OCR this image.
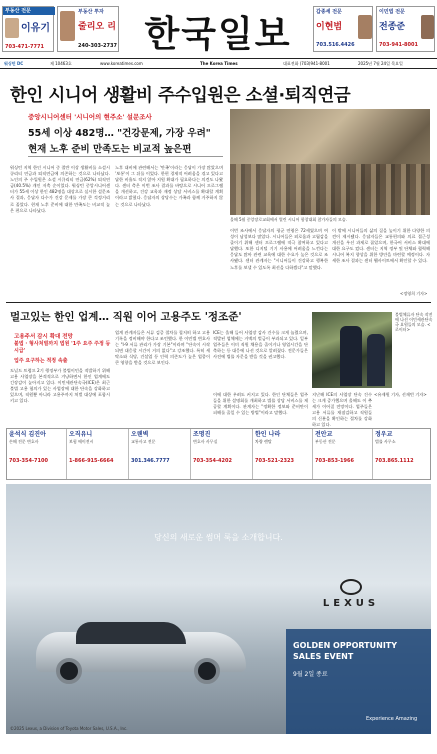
부동산 전문
이유기
703-471-7771
부동산 투자
줄리오 리
240-303-2737 한국일보
갑종세 전문
이현범
703.516.4426
이민법 전문
전종준
703-941-8001
워싱턴 DC	제 10463호	www.koreatimes.com	The Korea Times	대표전화 (703)941-8001	2025년 7월 24일 목요일
한인 시니어 생활비 주수입원은 소셜·퇴직연금
중앙시니어센터 '시니어의 현주소' 설문조사
55세 이상 482명… "건강문제, 가장 우려"
현재 노후 준비 만족도는 비교적 높은편
올해 5월 중앙장로교회에서 열린 시니어 합창대회 참가자들의 모습.

워싱턴 지역 한인 시니어 중 절반 이상 생활비를 소셜시큐리티 연금과 퇴직연금에 의존하는 것으로 나타났다. 노인의 주 수입원은 소셜 시큐리티 연금(62%) 퇴직연금(40.5%) 개인 저축 순이었다. 워싱턴 중앙시니어센터가 55세 이상 한인 482명을 대상으로 실시한 설문조사 결과, 응답자 다수가 건강 문제를 가장 큰 걱정거리로 꼽았다. 현재 노후 준비에 대한 만족도는 비교적 높은 편으로 나타났다.

노후 대비에 관련해서는 '만족'이라는 응답이 가장 많았으며 '보통'이 그 뒤를 이었다. 한편 경제적 어려움을 겪고 있다고 답한 비율도 적지 않아 지원 확대가 필요하다는 의견도 나왔다. 센터 측은 이번 조사 결과를 바탕으로 시니어 프로그램을 개선하고, 건강 교육과 재정 상담 서비스를 확대할 계획이라고 밝혔다. 응답자의 상당수는 가족과 함께 거주하지 않는 것으로 나타났다.

이번 조사에서 응답자의 평균 연령은 72세였으며 여성이 남성보다 많았다. 시니어들은 외로움과 고립감을 줄이기 위해 센터 프로그램에 적극 참여하고 있다고 답했다. 또한 디지털 기기 사용에 어려움을 느낀다는 응답도 많아 관련 교육에 대한 수요가 높은 것으로 조사됐다. 센터 관계자는 "시니어들이 건강하고 행복한 노후를 보낼 수 있도록 최선을 다하겠다"고 말했다.

이 밖에 시니어들의 삶의 질을 높이기 위한 다양한 의견이 제시됐다. 응답자들은 교통편의와 의료 접근성 개선을 우선 과제로 꼽았으며, 한국어 서비스 확대에 대한 요구도 컸다. 센터는 지역 정부 및 단체와 협력해 시니어 복지 향상을 위한 방안을 마련할 예정이다. 자세한 조사 결과는 센터 웹사이트에서 확인할 수 있다.

<정영희 기자>
멀고있는 한인 업계… 직원 이어 고용주도 '정조준'
고용주서 감시 확대 전망
불법 · 형사처벌까지 법원 '1주 요주 주정 등 시급'
업주 요구하는 적정 속출

도널드 트럼프 2기 행정부가 불법이민을 적발하기 위해 고용 사업장을 본격적으로 겨냥하면서 한인 업계에도 긴장감이 높아지고 있다. 이민세관단속국(ICE)은 최근 불법 고용 혐의가 있는 사업장에 대한 단속을 강화하고 있으며, 직원뿐 아니라 고용주까지 처벌 대상에 포함시키고 있다.

업계 관계자들은 서류 검증 절차를 철저히 하고 고용 기록을 정비해야 한다고 조언했다. 한 이민법 변호사는 "I-9 서류 관리가 가장 기본"이라며 "단속이 시작되면 대응할 시간이 거의 없다"고 강조했다. 특히 세탁소와 식당, 건설업 등 인력 의존도가 높은 업종이 큰 영향을 받을 것으로 보인다.

ICE는 올해 들어 사업장 감사 건수를 크게 늘렸으며, 적발된 업체에는 거액의 벌금이 부과되고 있다. 일부 업주들은 이미 직원 채용을 줄이거나 영업시간을 단축하는 등 대응에 나선 것으로 알려졌다. 전문가들은 사전에 법률 자문을 받을 것을 권고했다.

이에 대한 우려도 커지고 있다. 한인 단체들은 업주들을 위한 설명회를 개최하고 법률 상담 서비스를 제공할 계획이다. 관계자는 "정확한 정보와 준비만이 피해를 줄일 수 있는 방법"이라고 말했다.

지난해 ICE의 사업장 단속 건수는 크게 증가했으며 올해도 이 추세가 이어질 전망이다. 업주들은 고용 서류를 재점검하고 직원들의 신분을 확인하는 절차를 강화하고 있다.

<유제원 기자, 선재빈 기자>

불법체류자 단속 작전에 나선 이민세관단속국 요원들의 모습. <로이터>
윤석식 김진아
손해 전문 변호사
703-354-7100
오직유니
보험 에이전시
1-866-915-6664
오웬벽
교통사고 전문
301.346.7777
조명진
변호사 사무실
703-354-4202
한인 나라
차량 렌탈
703-521-2323
전안교
부동산 전문
703-853-1966
정우교
법률 사무소
703.865.1112
당신의 새로운 썸머 룩을 소개합니다.
LEXUS
GOLDEN OPPORTUNITY
SALES EVENT
9월 2일 종료
Experience Amazing
©2025 Lexus, a Division of Toyota Motor Sales, U.S.A., Inc.
